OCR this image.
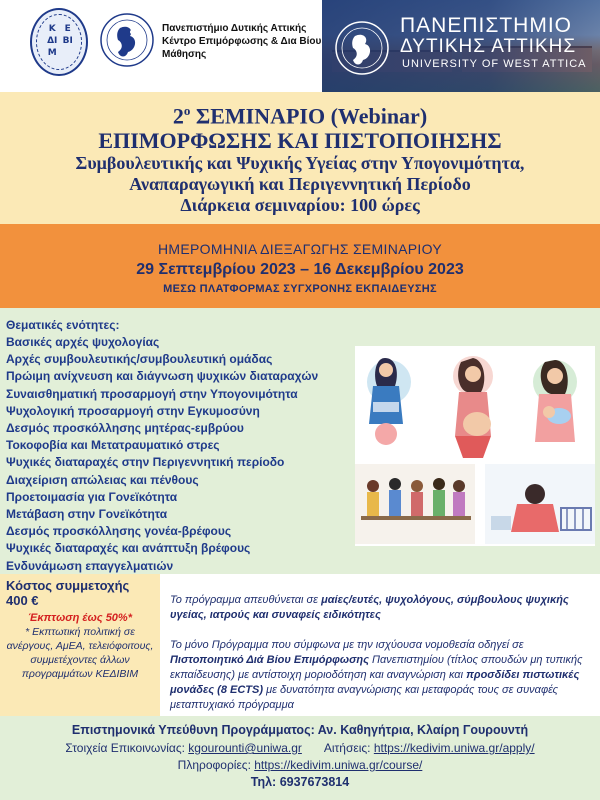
Κ Ε
ΔΙ ΒΙ
Μ
Πανεπιστήμιο Δυτικής Αττικής
Κέντρο Επιμόρφωσης & Δια Βίου Μάθησης
ΠΑΝΕΠΙΣΤΗΜΙΟ
ΔΥΤΙΚΗΣ ΑΤΤΙΚΗΣ
UNIVERSITY OF WEST ATTICA
$2^o$ ΣΕΜΙΝΑΡΙΟ (Webinar)
ΕΠΙΜΟΡΦΩΣΗΣ ΚΑΙ ΠΙΣΤΟΠΟΙΗΣΗΣ
Συμβουλευτικής και Ψυχικής Υγείας στην Υπογονιμότητα,
Αναπαραγωγική και Περιγεννητική Περίοδο
Διάρκεια σεμιναρίου: 100 ώρες
ΗΜΕΡΟΜΗΝΙΑ ΔΙΕΞΑΓΩΓΗΣ ΣΕΜΙΝΑΡΙΟΥ
29 Σεπτεμβρίου 2023 – 16 Δεκεμβρίου 2023
ΜΕΣΩ ΠΛΑΤΦΟΡΜΑΣ ΣΥΓΧΡΟΝΗΣ ΕΚΠΑΙΔΕΥΣΗΣ
Θεματικές ενότητες:
Βασικές αρχές ψυχολογίας
Αρχές συμβουλευτικής/συμβουλευτική ομάδας
Πρώιμη ανίχνευση και διάγνωση ψυχικών διαταραχών
Συναισθηματική προσαρμογή στην Υπογονιμότητα
Ψυχολογική προσαρμογή στην Εγκυμοσύνη
Δεσμός προσκόλλησης μητέρας-εμβρύου
Τοκοφοβία και Μετατραυματικό στρες
Ψυχικές διαταραχές στην Περιγεννητική περίοδο
Διαχείριση απώλειας και πένθους
Προετοιμασία για Γονεϊκότητα
Μετάβαση στην Γονεϊκότητα
Δεσμός προσκόλλησης γονέα-βρέφους
Ψυχικές διαταραχές και ανάπτυξη βρέφους
Ενδυνάμωση επαγγελματιών
Κόστος συμμετοχής
400 €
Έκπτωση έως 50%*
* Εκπτωτική πολιτική σε ανέργους, ΑμΕΑ, τελειόφοιτους, συμμετέχοντες άλλων προγραμμάτων ΚΕΔΙΒΙΜ
Το πρόγραμμα απευθύνεται σε μαίες/ευτές, ψυχολόγους, σύμβουλους ψυχικής υγείας, ιατρούς και συναφείς ειδικότητες
Το μόνο Πρόγραμμα που σύμφωνα με την ισχύουσα νομοθεσία οδηγεί σε Πιστοποιητικό Διά Βίου Επιμόρφωσης Πανεπιστημίου (τίτλος σπουδών μη τυπικής εκπαίδευσης) με αντίστοιχη μοριοδότηση και αναγνώριση και προσδίδει πιστωτικές μονάδες (8 ECTS) με δυνατότητα αναγνώρισης και μεταφοράς τους σε συναφές μεταπτυχιακό πρόγραμμα
Επιστημονικά Υπεύθυνη Προγράμματος: Αν. Καθηγήτρια, Κλαίρη Γουρουντή
Στοιχεία Επικοινωνίας: kgourounti@uniwa.gr Αιτήσεις: https://kedivim.uniwa.gr/apply/
Πληροφορίες: https://kedivim.uniwa.gr/course/
Τηλ: 6937673814
